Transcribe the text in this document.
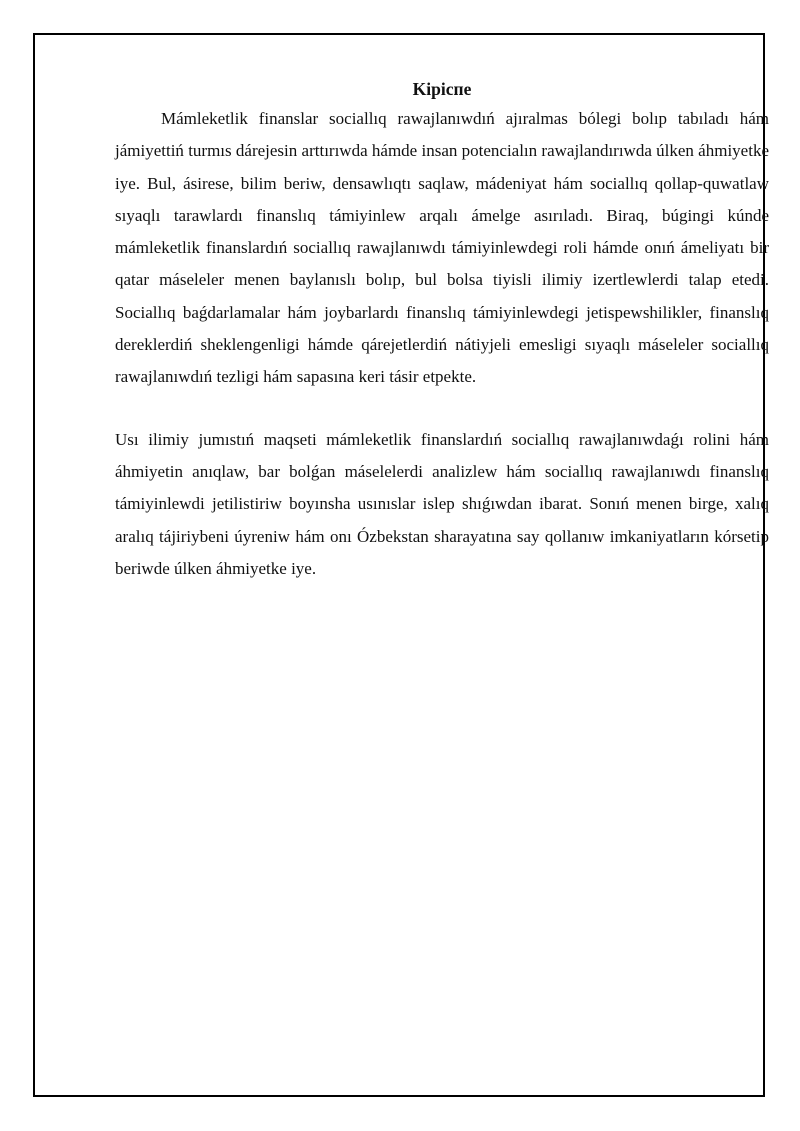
Kipicпe

Mámleketlik finanslar sociallıq rawajlanıwdıń ajıralmas bólegi bolıp tabıladı hám jámiyettiń turmıs dárejesin arttırıwda hámde insan potencialın rawajlandırıwda úlken áhmiyetke iye. Bul, ásirese, bilim beriw, densawlıqtı saqlaw, mádeniyat hám sociallıq qollap-quwatlaw sıyaqlı tarawlardı finanslıq támiyinlew arqalı ámelge asırıladı. Biraq, búgingi kúnde mámleketlik finanslardıń sociallıq rawajlanıwdı támiyinlewdegi roli hámde onıń ámeliyatı bir qatar máseleler menen baylanıslı bolıp, bul bolsa tiyisli ilimiy izertlewlerdi talap etedi. Sociallıq baǵdarlamalar hám joybarlardı finanslıq támiyinlewdegi jetispewshilikler, finanslıq dereklerdiń sheklengenligi hámde qárejetlerdiń nátiyjeli emesligi sıyaqlı máseleler sociallıq rawajlanıwdıń tezligi hám sapasına keri tásir etpekte.

Usı ilimiy jumıstıń maqseti mámleketlik finanslardıń sociallıq rawajlanıwdaǵı rolini hám áhmiyetin anıqlaw, bar bolǵan máselelerdi analizlew hám sociallıq rawajlanıwdı finanslıq támiyinlewdi jetilistiriw boyınsha usınıslar islep shıǵıwdan ibarat. Sonıń menen birge, xalıq aralıq tájiriybeni úyreniw hám onı Ózbekstan sharayatına say qollanıw imkaniyatların kórsetip beriwde úlken áhmiyetke iye.
